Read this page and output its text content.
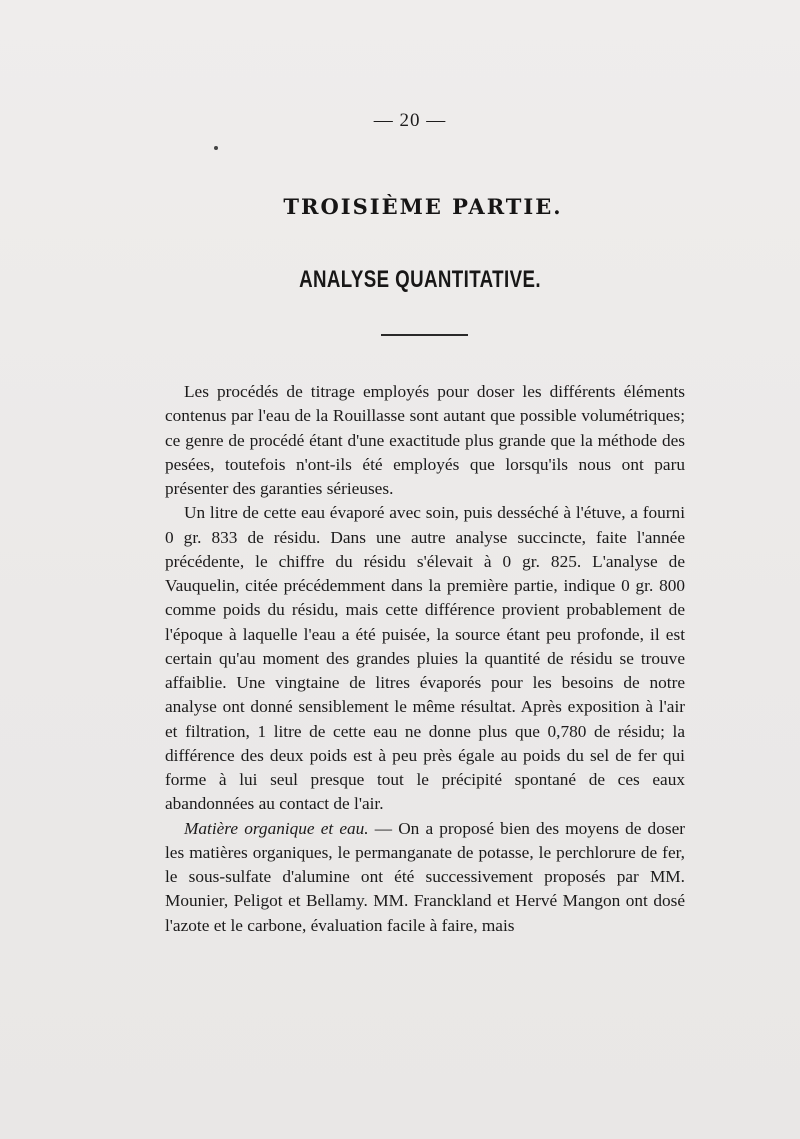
— 20 —
TROISIÈME PARTIE.
ANALYSE QUANTITATIVE.

Les procédés de titrage employés pour doser les différents éléments contenus par l'eau de la Rouillasse sont autant que possible volumétriques; ce genre de procédé étant d'une exactitude plus grande que la méthode des pesées, toutefois n'ont-ils été employés que lorsqu'ils nous ont paru présenter des garanties sérieuses.

Un litre de cette eau évaporé avec soin, puis desséché à l'étuve, a fourni 0 gr. 833 de résidu. Dans une autre analyse succincte, faite l'année précédente, le chiffre du résidu s'élevait à 0 gr. 825. L'analyse de Vauquelin, citée précédemment dans la première partie, indique 0 gr. 800 comme poids du résidu, mais cette différence provient probablement de l'époque à laquelle l'eau a été puisée, la source étant peu profonde, il est certain qu'au moment des grandes pluies la quantité de résidu se trouve affaiblie. Une vingtaine de litres évaporés pour les besoins de notre analyse ont donné sensiblement le même résultat. Après exposition à l'air et filtration, 1 litre de cette eau ne donne plus que 0,780 de résidu; la différence des deux poids est à peu près égale au poids du sel de fer qui forme à lui seul presque tout le précipité spontané de ces eaux abandonnées au contact de l'air.

Matière organique et eau. — On a proposé bien des moyens de doser les matières organiques, le permanganate de potasse, le perchlorure de fer, le sous-sulfate d'alumine ont été successivement proposés par MM. Mounier, Peligot et Bellamy. MM. Franckland et Hervé Mangon ont dosé l'azote et le carbone, évaluation facile à faire, mais
